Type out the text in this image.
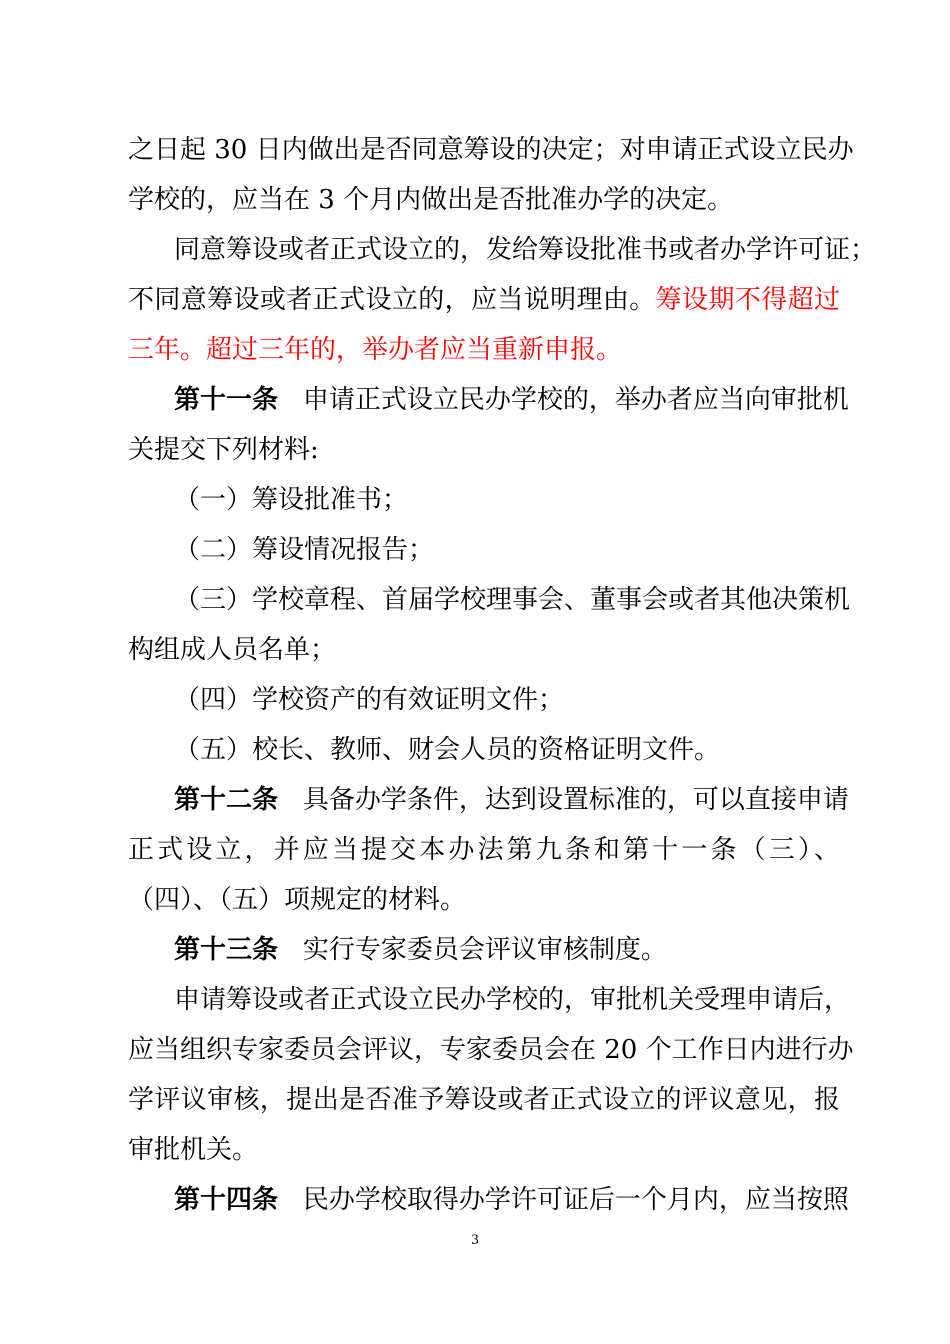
之日起 30 日内做出是否同意筹设的决定；对申请正式设立民办
学校的，应当在 3 个月内做出是否批准办学的决定。
同意筹设或者正式设立的，发给筹设批准书或者办学许可证；
不同意筹设或者正式设立的，应当说明理由。筹设期不得超过
三年。超过三年的，举办者应当重新申报。
第十一条 申请正式设立民办学校的，举办者应当向审批机
关提交下列材料:
（一）筹设批准书；
（二）筹设情况报告；
（三）学校章程、首届学校理事会、董事会或者其他决策机
构组成人员名单；
（四）学校资产的有效证明文件；
（五）校长、教师、财会人员的资格证明文件。
第十二条 具备办学条件，达到设置标准的，可以直接申请
正式设立，并应当提交本办法第九条和第十一条（三）、
（四）、（五）项规定的材料。
第十三条 实行专家委员会评议审核制度。
申请筹设或者正式设立民办学校的，审批机关受理申请后，
应当组织专家委员会评议，专家委员会在 20 个工作日内进行办
学评议审核，提出是否准予筹设或者正式设立的评议意见，报
审批机关。
第十四条 民办学校取得办学许可证后一个月内，应当按照
3
